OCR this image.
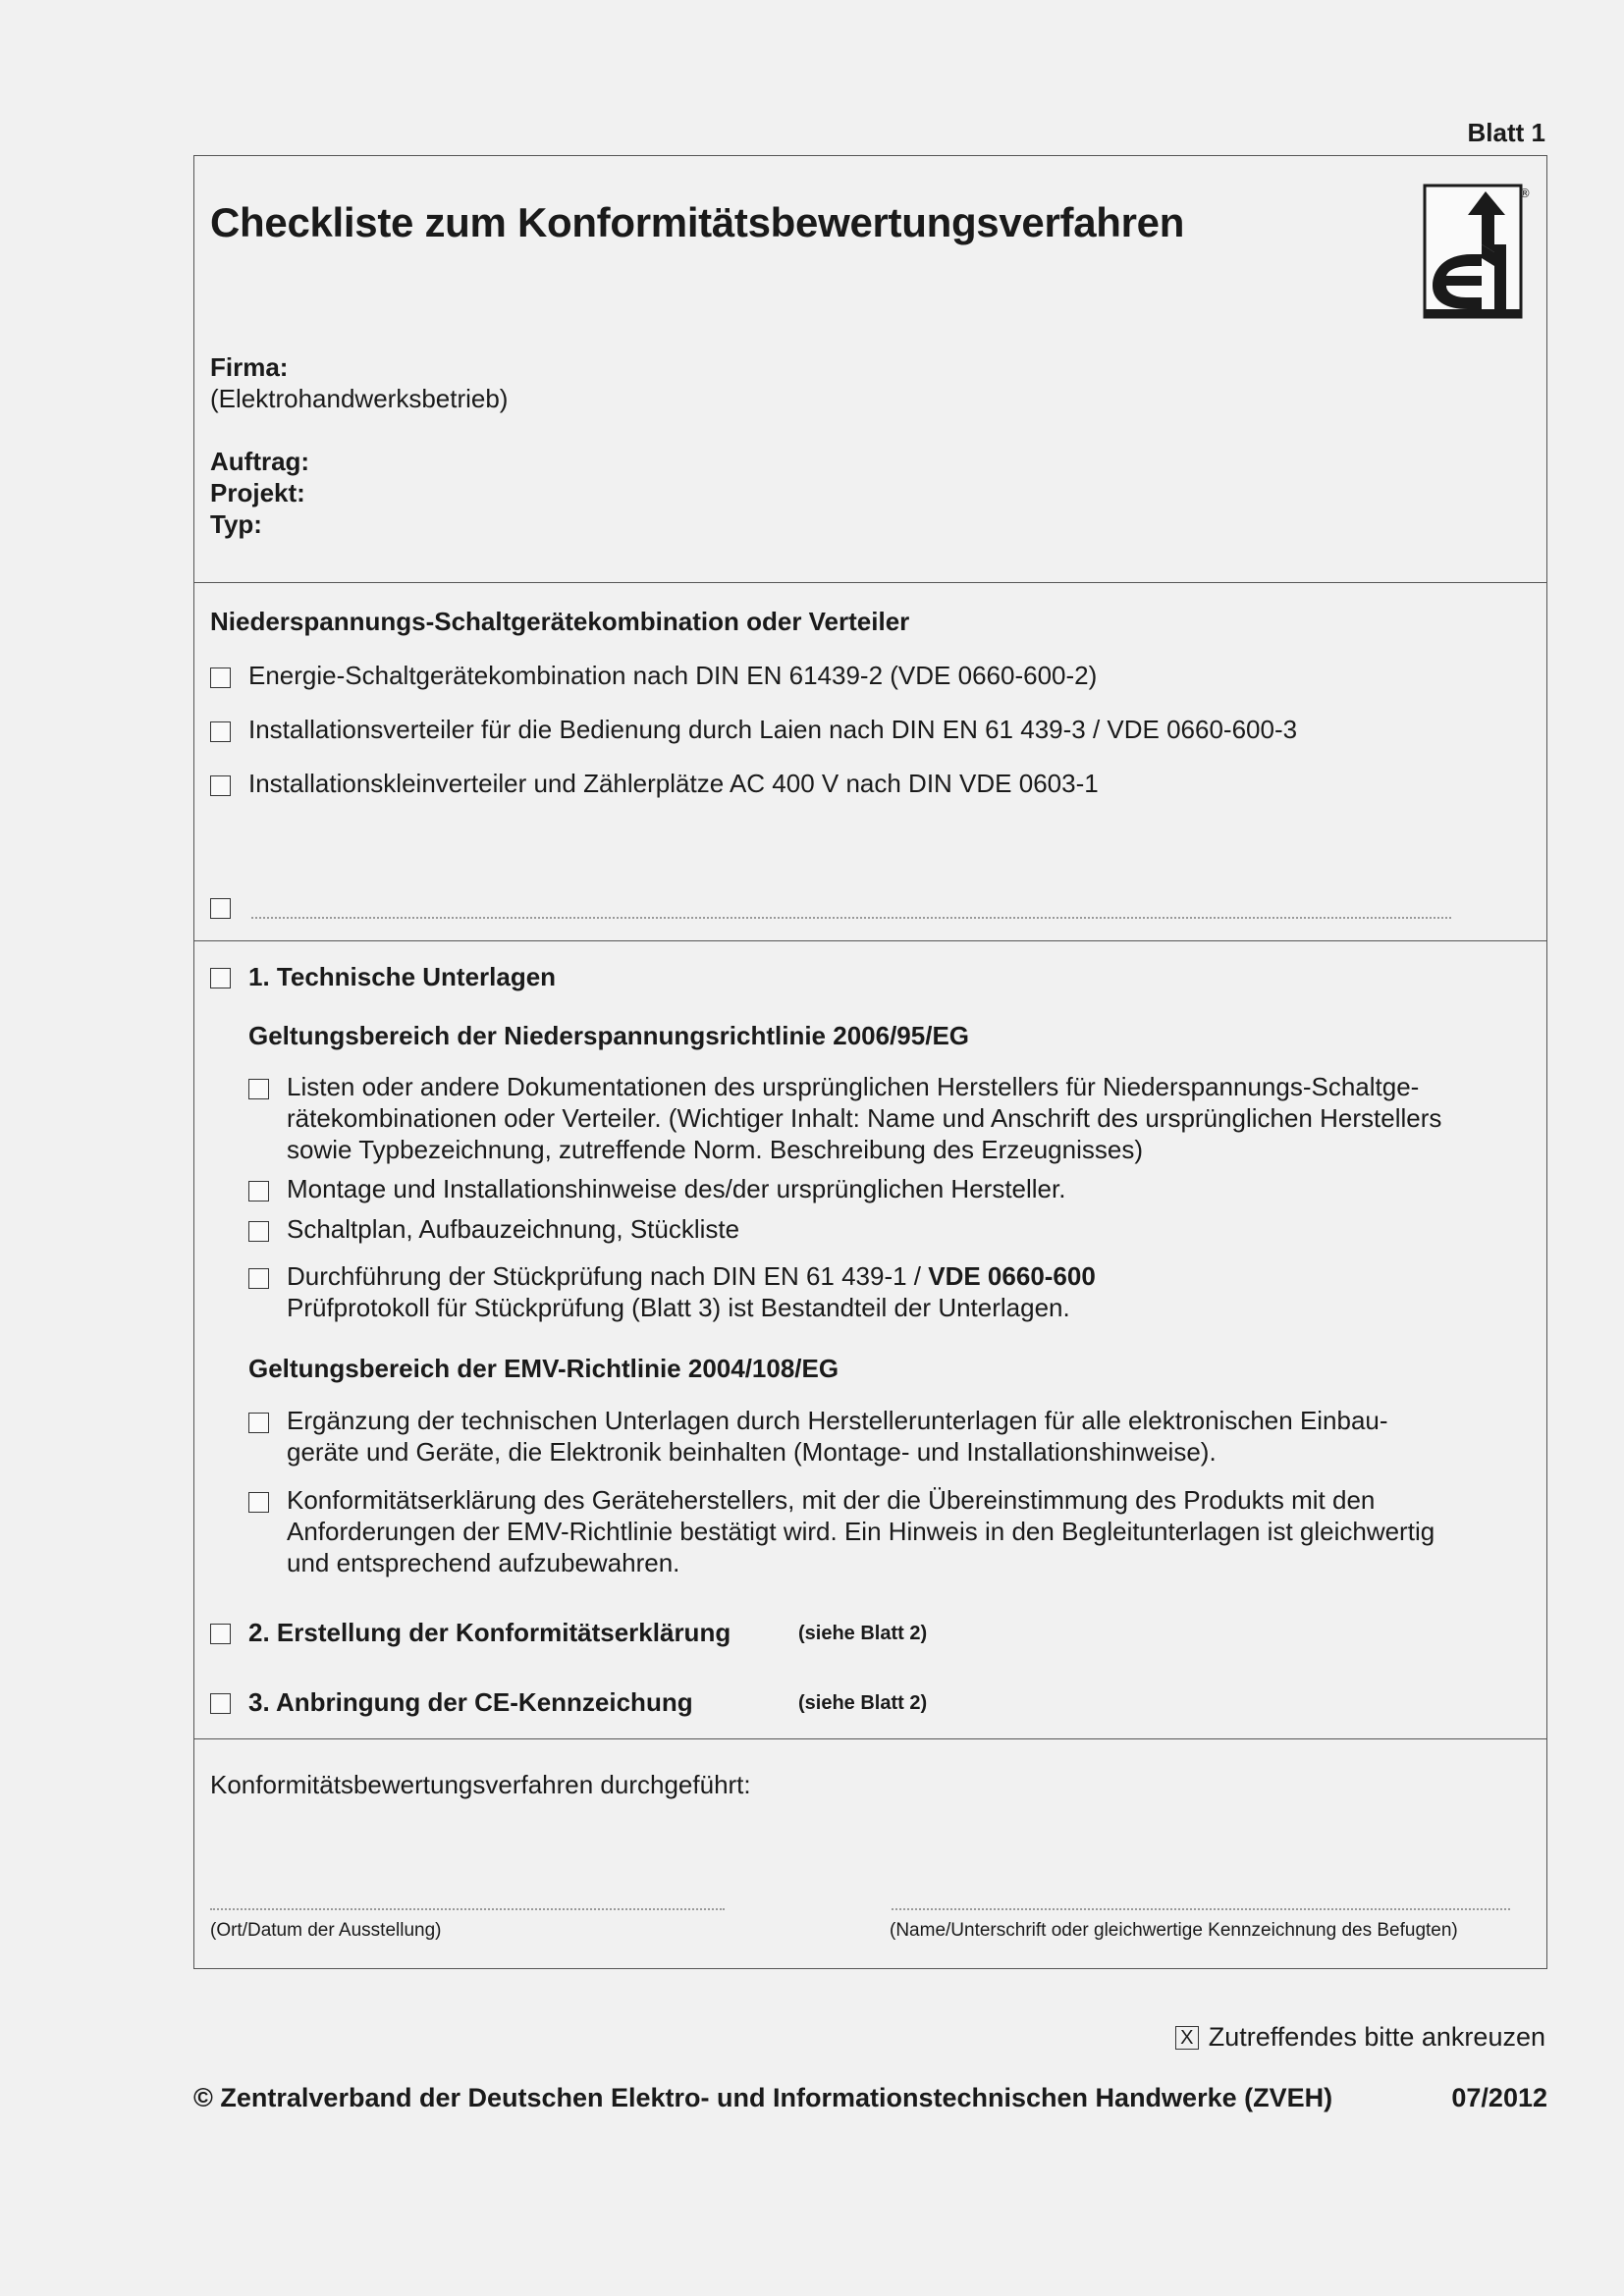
Blatt 1
Checkliste zum Konformitätsbewertungsverfahren
®
Firma:
(Elektrohandwerksbetrieb)
Auftrag:
Projekt:
Typ:
Niederspannungs-Schaltgerätekombination oder Verteiler
Energie-Schaltgerätekombination nach DIN EN 61439-2 (VDE 0660-600-2)
Installationsverteiler für die Bedienung durch Laien nach DIN EN 61 439-3 / VDE 0660-600-3
Installationskleinverteiler und Zählerplätze AC 400 V nach DIN VDE 0603-1
1. Technische Unterlagen
Geltungsbereich der Niederspannungsrichtlinie 2006/95/EG
Listen oder andere Dokumentationen des ursprünglichen Herstellers für Niederspannungs-Schaltge-
rätekombinationen oder Verteiler. (Wichtiger Inhalt: Name und Anschrift des ursprünglichen Herstellers
sowie Typbezeichnung, zutreffende Norm. Beschreibung des Erzeugnisses)
Montage und Installationshinweise des/der ursprünglichen Hersteller.
Schaltplan, Aufbauzeichnung, Stückliste
Durchführung der Stückprüfung nach DIN EN 61 439-1 / VDE 0660-600
Prüfprotokoll für Stückprüfung (Blatt 3) ist Bestandteil der Unterlagen.
Geltungsbereich der EMV-Richtlinie 2004/108/EG
Ergänzung der technischen Unterlagen durch Herstellerunterlagen für alle elektronischen Einbau-
geräte und Geräte, die Elektronik beinhalten (Montage- und Installationshinweise).
Konformitätserklärung des Geräteherstellers, mit der die Übereinstimmung des Produkts mit den
Anforderungen der EMV-Richtlinie bestätigt wird. Ein Hinweis in den Begleitunterlagen ist gleichwertig
und entsprechend aufzubewahren.
2. Erstellung der Konformitätserklärung	(siehe Blatt 2)
3. Anbringung der CE-Kennzeichung	(siehe Blatt 2)
Konformitätsbewertungsverfahren durchgeführt:
(Ort/Datum der Ausstellung)	(Name/Unterschrift oder gleichwertige Kennzeichnung des Befugten)
X Zutreffendes bitte ankreuzen
© Zentralverband der Deutschen Elektro- und Informationstechnischen Handwerke (ZVEH)	07/2012
